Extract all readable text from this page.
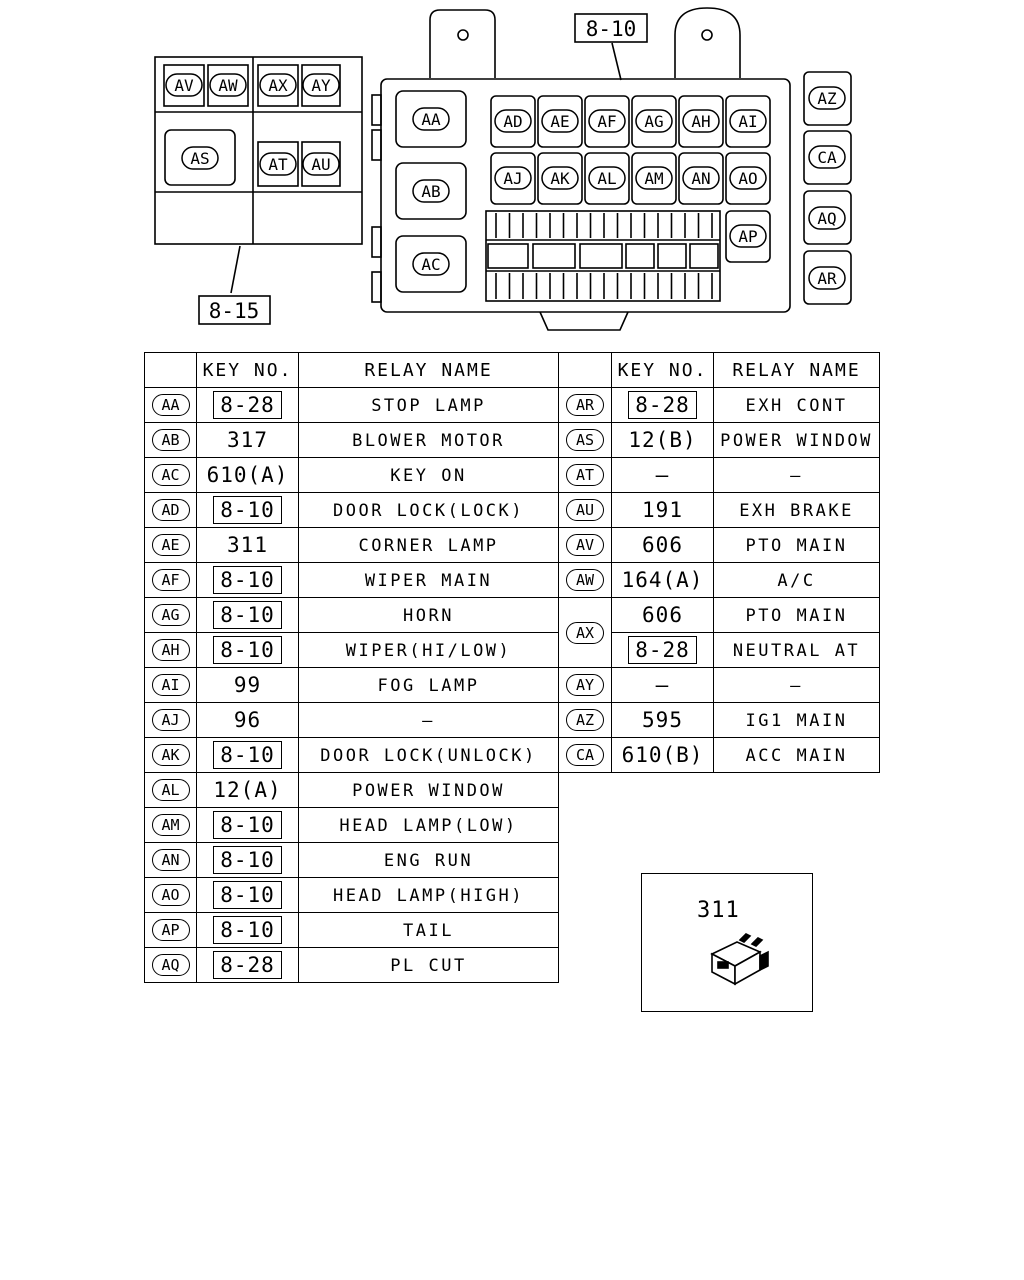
AV AW AX AY
AS	AT AU
AA
AB
AC
AD AE AF AG AH AI
AJ AK AL AM AN AO
AP
AZ
CA
AQ
AR
8-15
8-10
	KEY NO.	RELAY NAME		KEY NO.	RELAY NAME
AA	8-28	STOP LAMP	AR	8-28	EXH CONT
AB	317	BLOWER MOTOR	AS	12(B)	POWER WINDOW
AC	610(A)	KEY ON	AT	—	—
AD	8-10	DOOR LOCK(LOCK)	AU	191	EXH BRAKE
AE	311	CORNER LAMP	AV	606	PTO MAIN
AF	8-10	WIPER MAIN	AW	164(A)	A/C
AG	8-10	HORN	AX	606	PTO MAIN
AH	8-10	WIPER(HI/LOW)		8-28	NEUTRAL AT
AI	99	FOG LAMP	AY	—	—
AJ	96	—	AZ	595	IG1 MAIN
AK	8-10	DOOR LOCK(UNLOCK)	CA	610(B)	ACC MAIN
AL	12(A)	POWER WINDOW			
AM	8-10	HEAD LAMP(LOW)			
AN	8-10	ENG RUN			
AO	8-10	HEAD LAMP(HIGH)			
AP	8-10	TAIL			
AQ	8-28	PL CUT			
311
